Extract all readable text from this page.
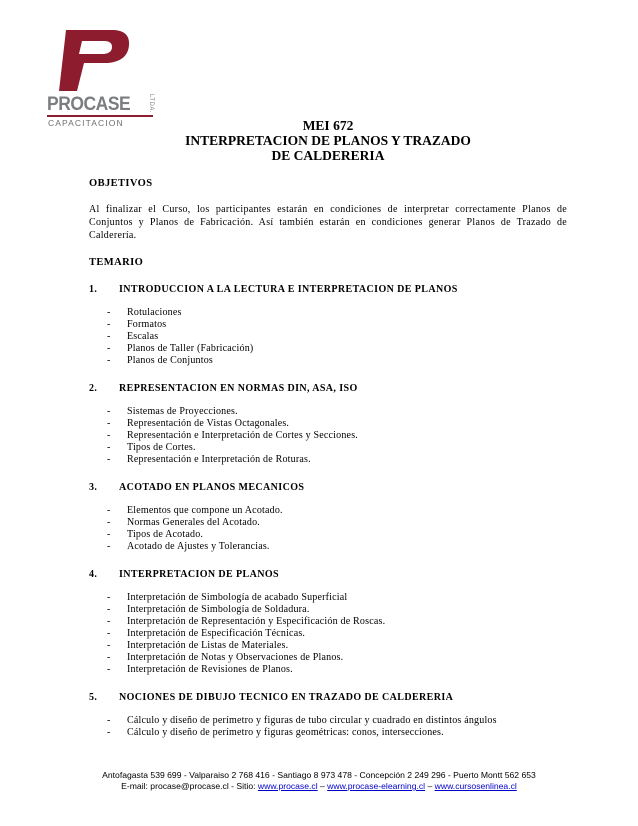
PROCASE	LTDA.
CAPACITACION	MEI 672
INTERPRETACION DE PLANOS Y TRAZADO
DE CALDERERIA

OBJETIVOS

Al finalizar el Curso, los participantes estarán en condiciones de interpretar correctamente Planos de Conjuntos y Planos de Fabricación. Así también estarán en condiciones generar Planos de Trazado de Calderería.

TEMARIO

1.	INTRODUCCION A LA LECTURA E INTERPRETACION DE PLANOS
-	Rotulaciones
-	Formatos
-	Escalas
-	Planos de Taller (Fabricación)
-	Planos de Conjuntos
2.	REPRESENTACION EN NORMAS DIN, ASA, ISO
-	Sistemas de Proyecciones.
-	Representación de Vistas Octagonales.
-	Representación e Interpretación de Cortes y Secciones.
-	Tipos de Cortes.
-	Representación e Interpretación de Roturas.
3.	ACOTADO EN PLANOS MECANICOS
-	Elementos que compone un Acotado.
-	Normas Generales del Acotado.
-	Tipos de Acotado.
-	Acotado de Ajustes y Tolerancias.
4.	INTERPRETACION DE PLANOS
-	Interpretación de Simbología de acabado Superficial
-	Interpretación de Simbología de Soldadura.
-	Interpretación de Representación y Especificación de Roscas.
-	Interpretación de Especificación Técnicas.
-	Interpretación de Listas de Materiales.
-	Interpretación de Notas y Observaciones de Planos.
-	Interpretación de Revisiones de Planos.
5.	NOCIONES DE DIBUJO TECNICO EN TRAZADO DE CALDERERIA
-	Cálculo y diseño de perímetro y figuras de tubo circular y cuadrado en distintos ángulos
-	Cálculo y diseño de perímetro y figuras geométricas: conos, intersecciones.
Antofagasta 539 699 - Valparaiso 2 768 416 - Santiago 8 973 478 - Concepción 2 249 296 - Puerto Montt 562 653
E-mail: procase@procase.cl - Sitio: www.procase.cl – www.procase-elearning.cl – www.cursosenlinea.cl
